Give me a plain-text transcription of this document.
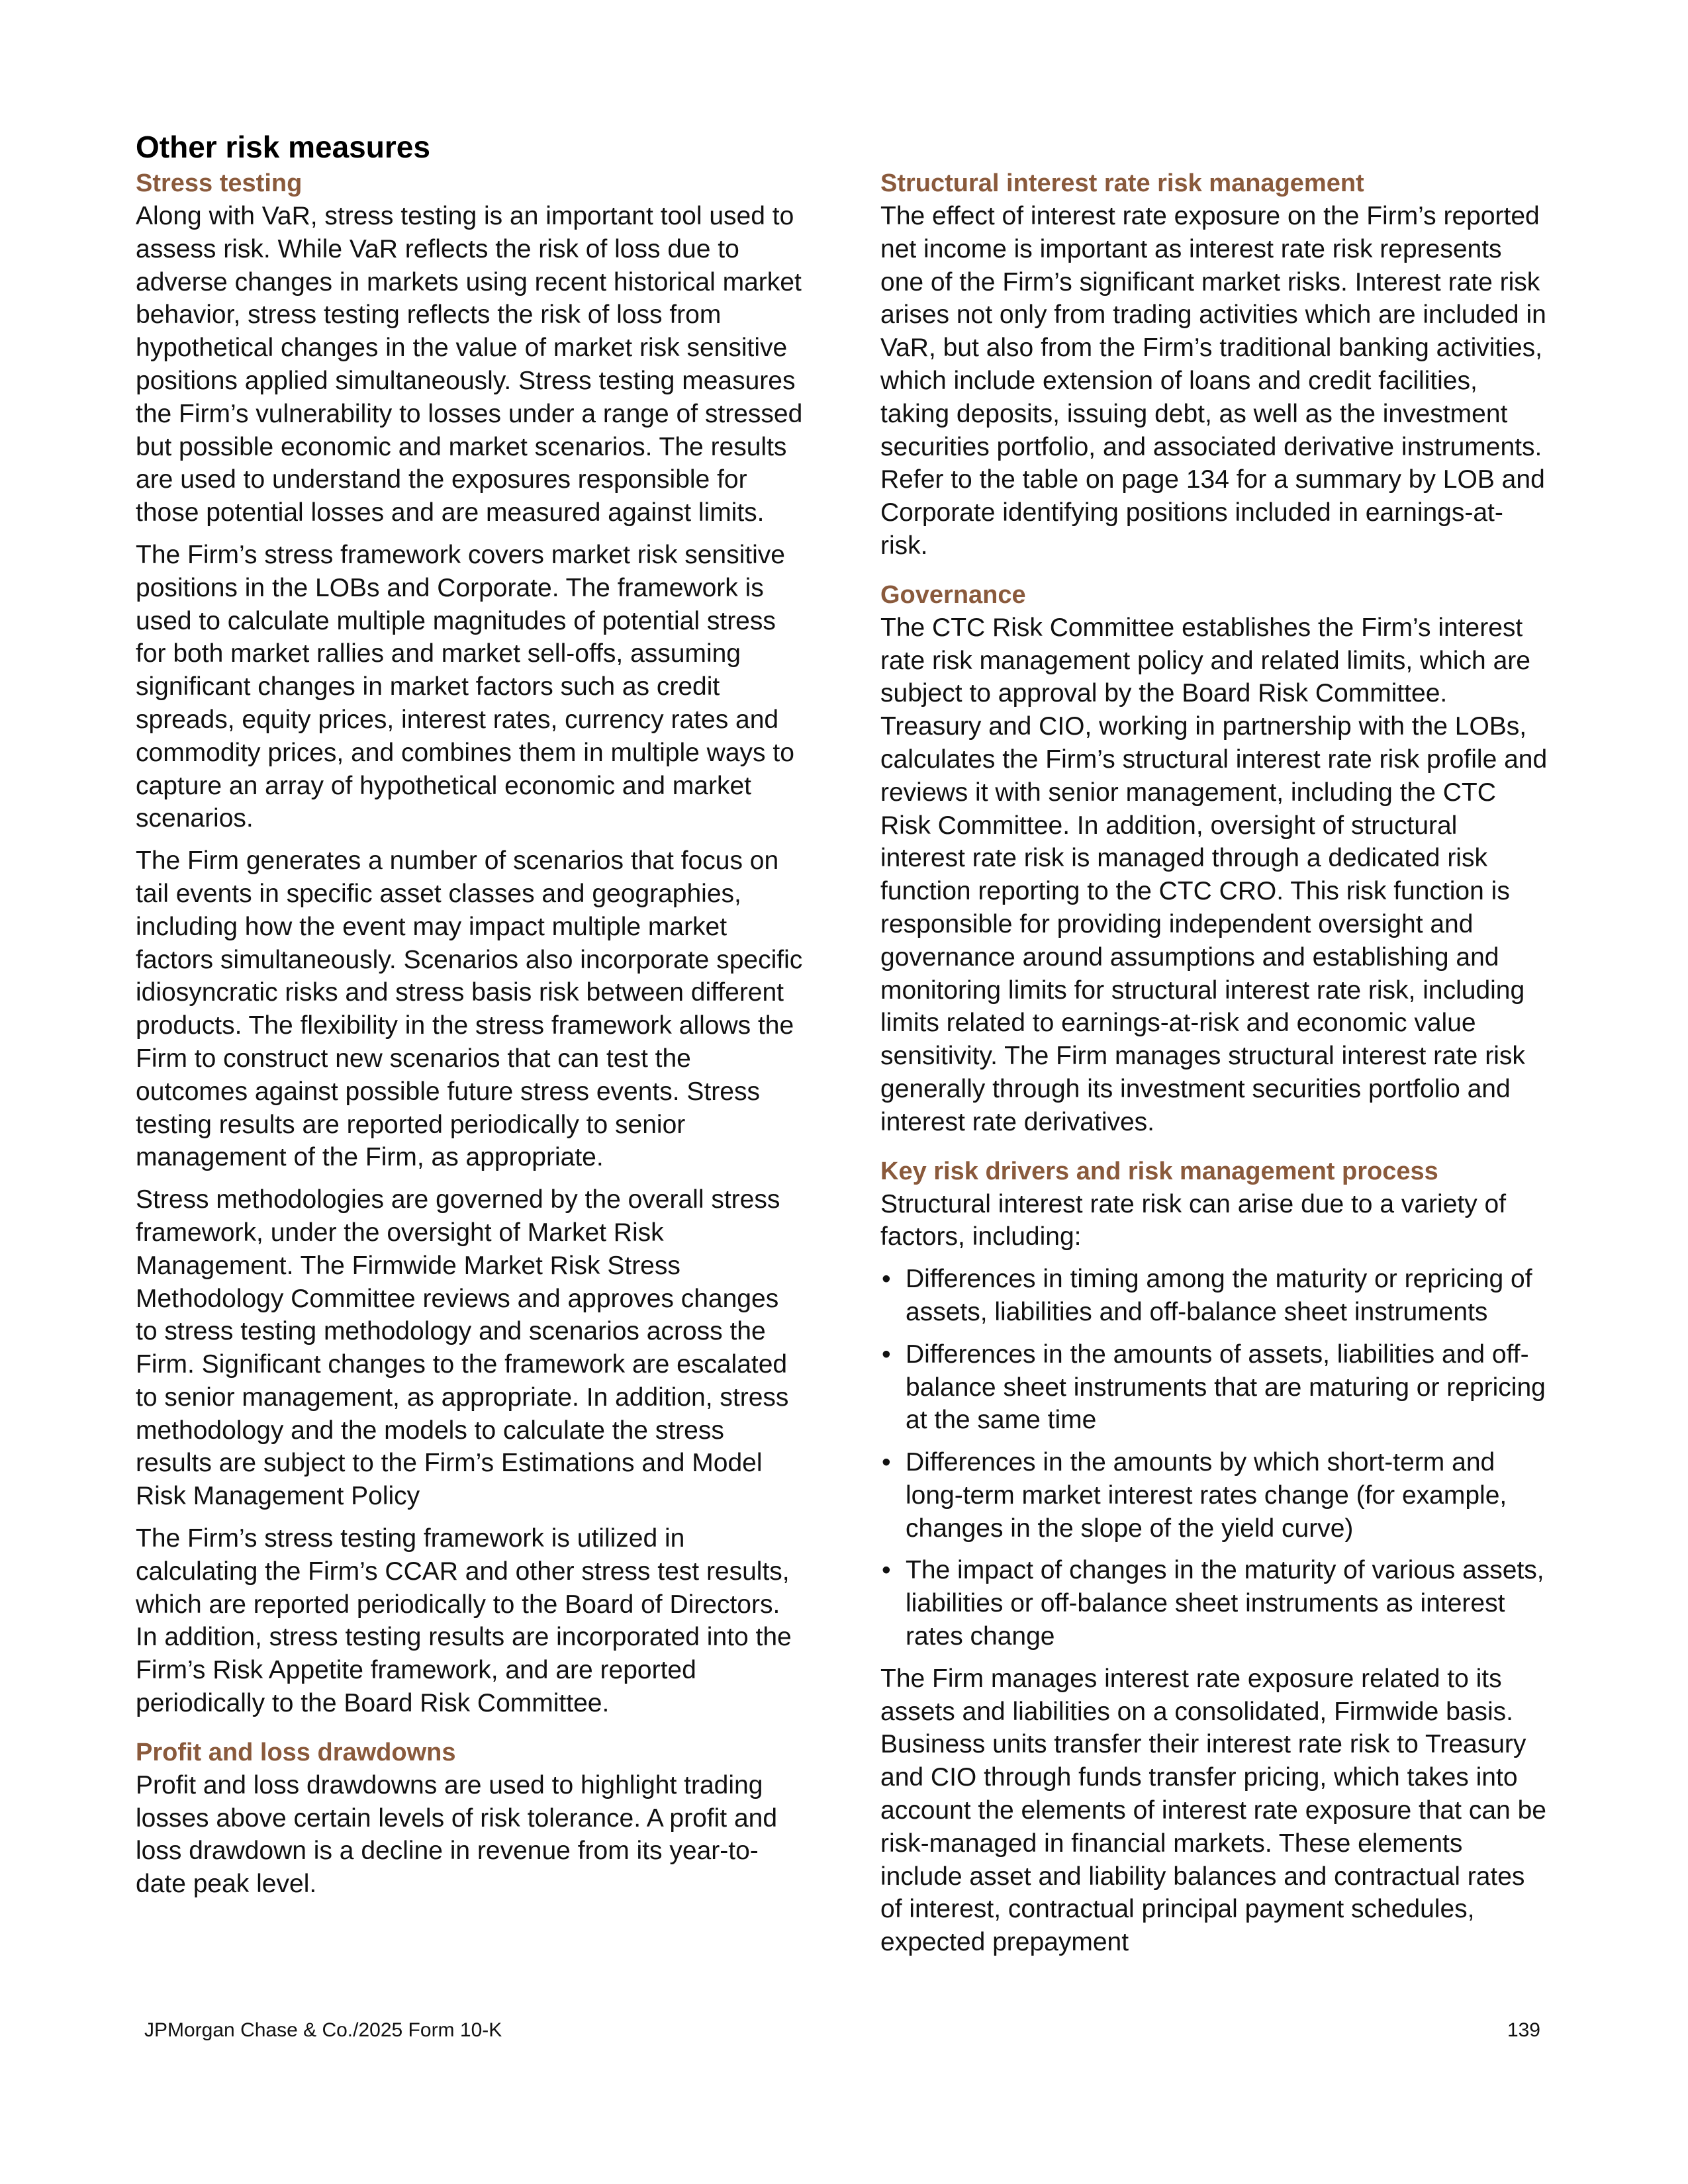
Other risk measures
Stress testing

Along with VaR, stress testing is an important tool used to assess risk. While VaR reflects the risk of loss due to adverse changes in markets using recent historical market behavior, stress testing reflects the risk of loss from hypothetical changes in the value of market risk sensitive positions applied simultaneously. Stress testing measures the Firm’s vulnerability to losses under a range of stressed but possible economic and market scenarios. The results are used to understand the exposures responsible for those potential losses and are measured against limits.

The Firm’s stress framework covers market risk sensitive positions in the LOBs and Corporate. The framework is used to calculate multiple magnitudes of potential stress for both market rallies and market sell-offs, assuming significant changes in market factors such as credit spreads, equity prices, interest rates, currency rates and commodity prices, and combines them in multiple ways to capture an array of hypothetical economic and market scenarios.

The Firm generates a number of scenarios that focus on tail events in specific asset classes and geographies, including how the event may impact multiple market factors simultaneously. Scenarios also incorporate specific idiosyncratic risks and stress basis risk between different products. The flexibility in the stress framework allows the Firm to construct new scenarios that can test the outcomes against possible future stress events. Stress testing results are reported periodically to senior management of the Firm, as appropriate.

Stress methodologies are governed by the overall stress framework, under the oversight of Market Risk Management. The Firmwide Market Risk Stress Methodology Committee reviews and approves changes to stress testing methodology and scenarios across the Firm. Significant changes to the framework are escalated to senior management, as appropriate. In addition, stress methodology and the models to calculate the stress results are subject to the Firm’s Estimations and Model Risk Management Policy

The Firm’s stress testing framework is utilized in calculating the Firm’s CCAR and other stress test results, which are reported periodically to the Board of Directors. In addition, stress testing results are incorporated into the Firm’s Risk Appetite framework, and are reported periodically to the Board Risk Committee.

Profit and loss drawdowns

Profit and loss drawdowns are used to highlight trading losses above certain levels of risk tolerance. A profit and loss drawdown is a decline in revenue from its year-to-date peak level.

Structural interest rate risk management

The effect of interest rate exposure on the Firm’s reported net income is important as interest rate risk represents one of the Firm’s significant market risks. Interest rate risk arises not only from trading activities which are included in VaR, but also from the Firm’s traditional banking activities, which include extension of loans and credit facilities, taking deposits, issuing debt, as well as the investment securities portfolio, and associated derivative instruments. Refer to the table on page 134 for a summary by LOB and Corporate identifying positions included in earnings-at-risk.

Governance

The CTC Risk Committee establishes the Firm’s interest rate risk management policy and related limits, which are subject to approval by the Board Risk Committee. Treasury and CIO, working in partnership with the LOBs, calculates the Firm’s structural interest rate risk profile and reviews it with senior management, including the CTC Risk Committee. In addition, oversight of structural interest rate risk is managed through a dedicated risk function reporting to the CTC CRO. This risk function is responsible for providing independent oversight and governance around assumptions and establishing and monitoring limits for structural interest rate risk, including limits related to earnings-at-risk and economic value sensitivity. The Firm manages structural interest rate risk generally through its investment securities portfolio and interest rate derivatives.

Key risk drivers and risk management process

Structural interest rate risk can arise due to a variety of factors, including:

• Differences in timing among the maturity or repricing of assets, liabilities and off-balance sheet instruments
• Differences in the amounts of assets, liabilities and off-balance sheet instruments that are maturing or repricing at the same time
• Differences in the amounts by which short-term and long-term market interest rates change (for example, changes in the slope of the yield curve)
• The impact of changes in the maturity of various assets, liabilities or off-balance sheet instruments as interest rates change

The Firm manages interest rate exposure related to its assets and liabilities on a consolidated, Firmwide basis. Business units transfer their interest rate risk to Treasury and CIO through funds transfer pricing, which takes into account the elements of interest rate exposure that can be risk-managed in financial markets. These elements include asset and liability balances and contractual rates of interest, contractual principal payment schedules, expected prepayment

JPMorgan Chase & Co./2025 Form 10-K	139
